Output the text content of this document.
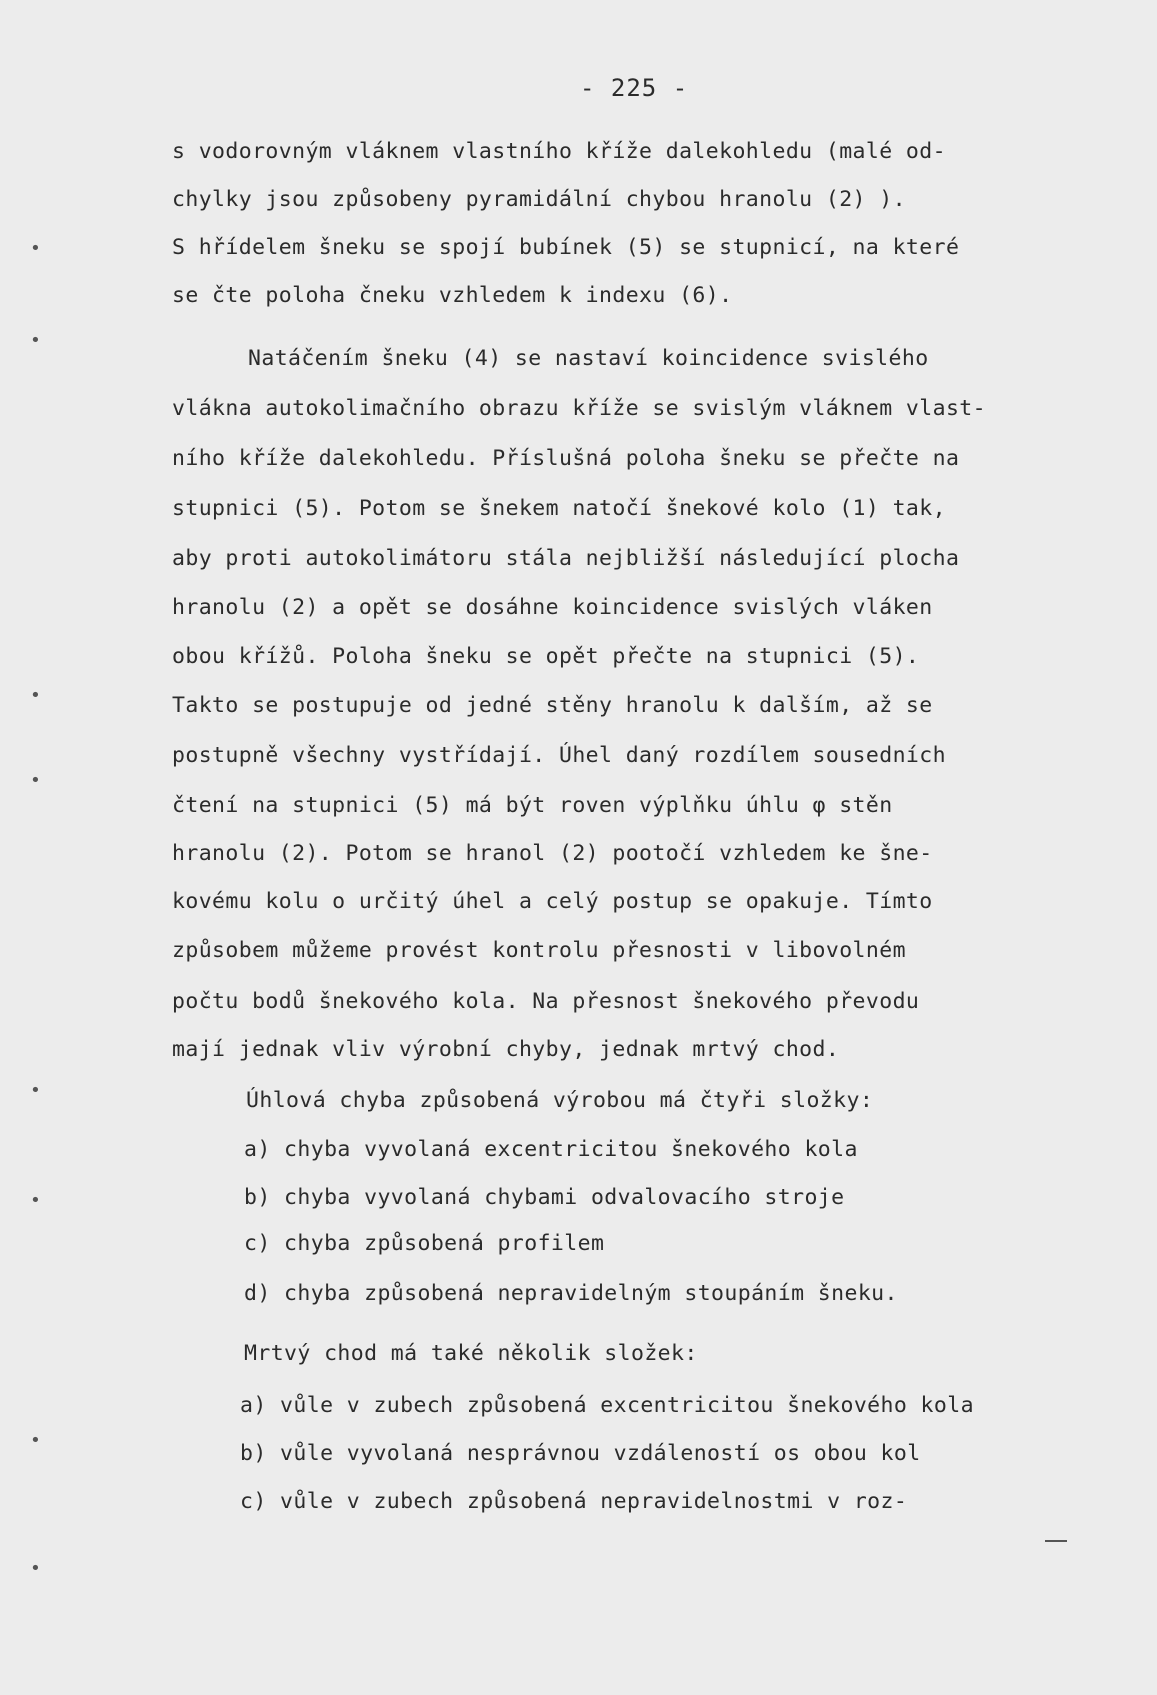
- 225 -
s vodorovným vláknem vlastního kříže dalekohledu (malé od-
chylky jsou způsobeny pyramidální chybou hranolu (2) ).
S hřídelem šneku se spojí bubínek (5) se stupnicí, na které
se čte poloha čneku vzhledem k indexu (6).
Natáčením šneku (4) se nastaví koincidence svislého
vlákna autokolimačního obrazu kříže se svislým vláknem vlast-
ního kříže dalekohledu. Příslušná poloha šneku se přečte na
stupnici (5). Potom se šnekem natočí šnekové kolo (1) tak,
aby proti autokolimátoru stála nejbližší následující plocha
hranolu (2) a opět se dosáhne koincidence svislých vláken
obou křížů. Poloha šneku se opět přečte na stupnici (5).
Takto se postupuje od jedné stěny hranolu k dalším, až se
postupně všechny vystřídají. Úhel daný rozdílem sousedních
čtení na stupnici (5) má být roven výplňku úhlu φ stěn
hranolu (2). Potom se hranol (2) pootočí vzhledem ke šne-
kovému kolu o určitý úhel a celý postup se opakuje. Tímto
způsobem můžeme provést kontrolu přesnosti v libovolném
počtu bodů šnekového kola. Na přesnost šnekového převodu
mají jednak vliv výrobní chyby, jednak mrtvý chod.
Úhlová chyba způsobená výrobou má čtyři složky:
a) chyba vyvolaná excentricitou šnekového kola
b) chyba vyvolaná chybami odvalovacího stroje
c) chyba způsobená profilem
d) chyba způsobená nepravidelným stoupáním šneku.
Mrtvý chod má také několik složek:
a) vůle v zubech způsobená excentricitou šnekového kola
b) vůle vyvolaná nesprávnou vzdáleností os obou kol
c) vůle v zubech způsobená nepravidelnostmi v roz-
•
•
•
•
•
•
•
•
